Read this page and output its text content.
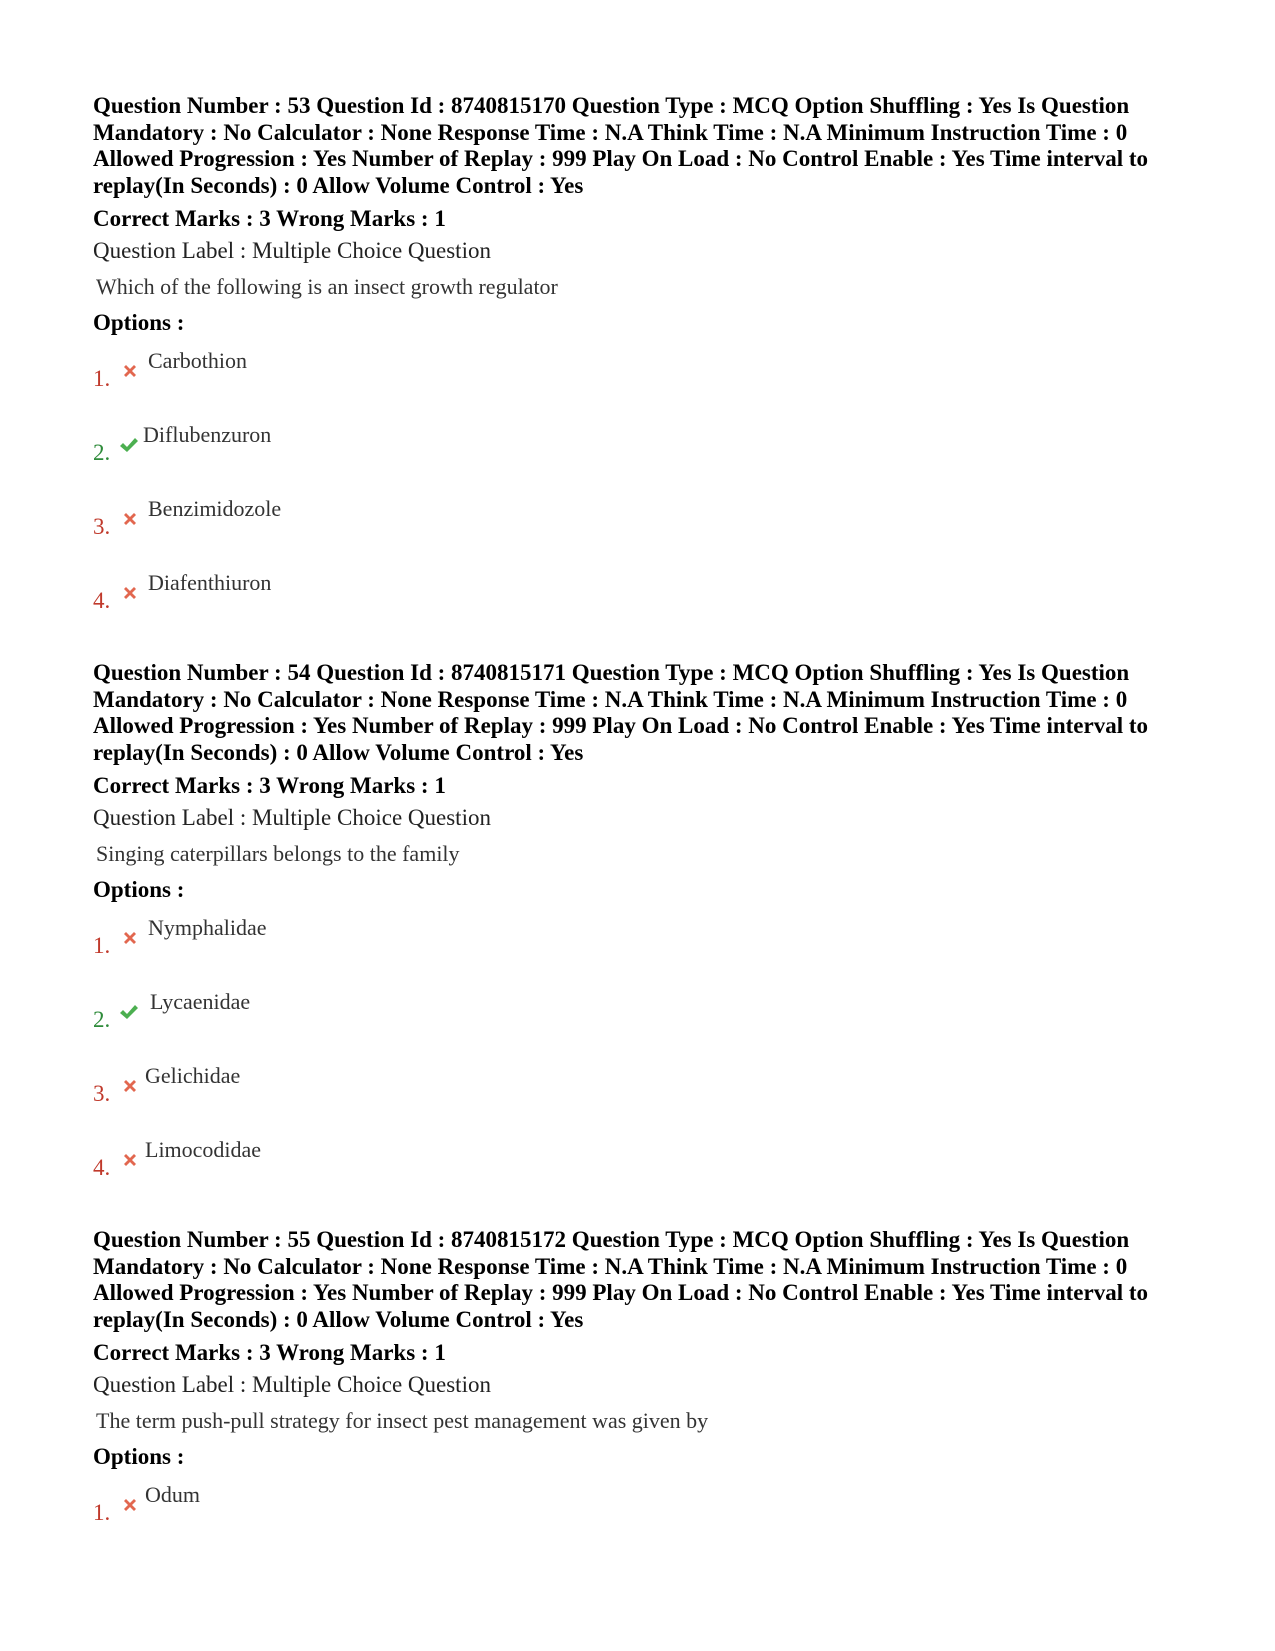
Question Number : 53 Question Id : 8740815170 Question Type : MCQ Option Shuffling : Yes Is Question Mandatory : No Calculator : None Response Time : N.A Think Time : N.A Minimum Instruction Time : 0 Allowed Progression : Yes Number of Replay : 999 Play On Load : No Control Enable : Yes Time interval to replay(In Seconds) : 0 Allow Volume Control : Yes

Correct Marks : 3 Wrong Marks : 1
Question Label : Multiple Choice Question
Which of the following is an insect growth regulator
Options :
1.
Carbothion
2.
Diflubenzuron
3.
Benzimidozole
4.
Diafenthiuron

Question Number : 54 Question Id : 8740815171 Question Type : MCQ Option Shuffling : Yes Is Question Mandatory : No Calculator : None Response Time : N.A Think Time : N.A Minimum Instruction Time : 0 Allowed Progression : Yes Number of Replay : 999 Play On Load : No Control Enable : Yes Time interval to replay(In Seconds) : 0 Allow Volume Control : Yes

Correct Marks : 3 Wrong Marks : 1
Question Label : Multiple Choice Question
Singing caterpillars belongs to the family
Options :
1.
Nymphalidae
2.
Lycaenidae
3.
Gelichidae
4.
Limocodidae

Question Number : 55 Question Id : 8740815172 Question Type : MCQ Option Shuffling : Yes Is Question Mandatory : No Calculator : None Response Time : N.A Think Time : N.A Minimum Instruction Time : 0 Allowed Progression : Yes Number of Replay : 999 Play On Load : No Control Enable : Yes Time interval to replay(In Seconds) : 0 Allow Volume Control : Yes

Correct Marks : 3 Wrong Marks : 1
Question Label : Multiple Choice Question
The term push-pull strategy for insect pest management was given by
Options :
1.
Odum
